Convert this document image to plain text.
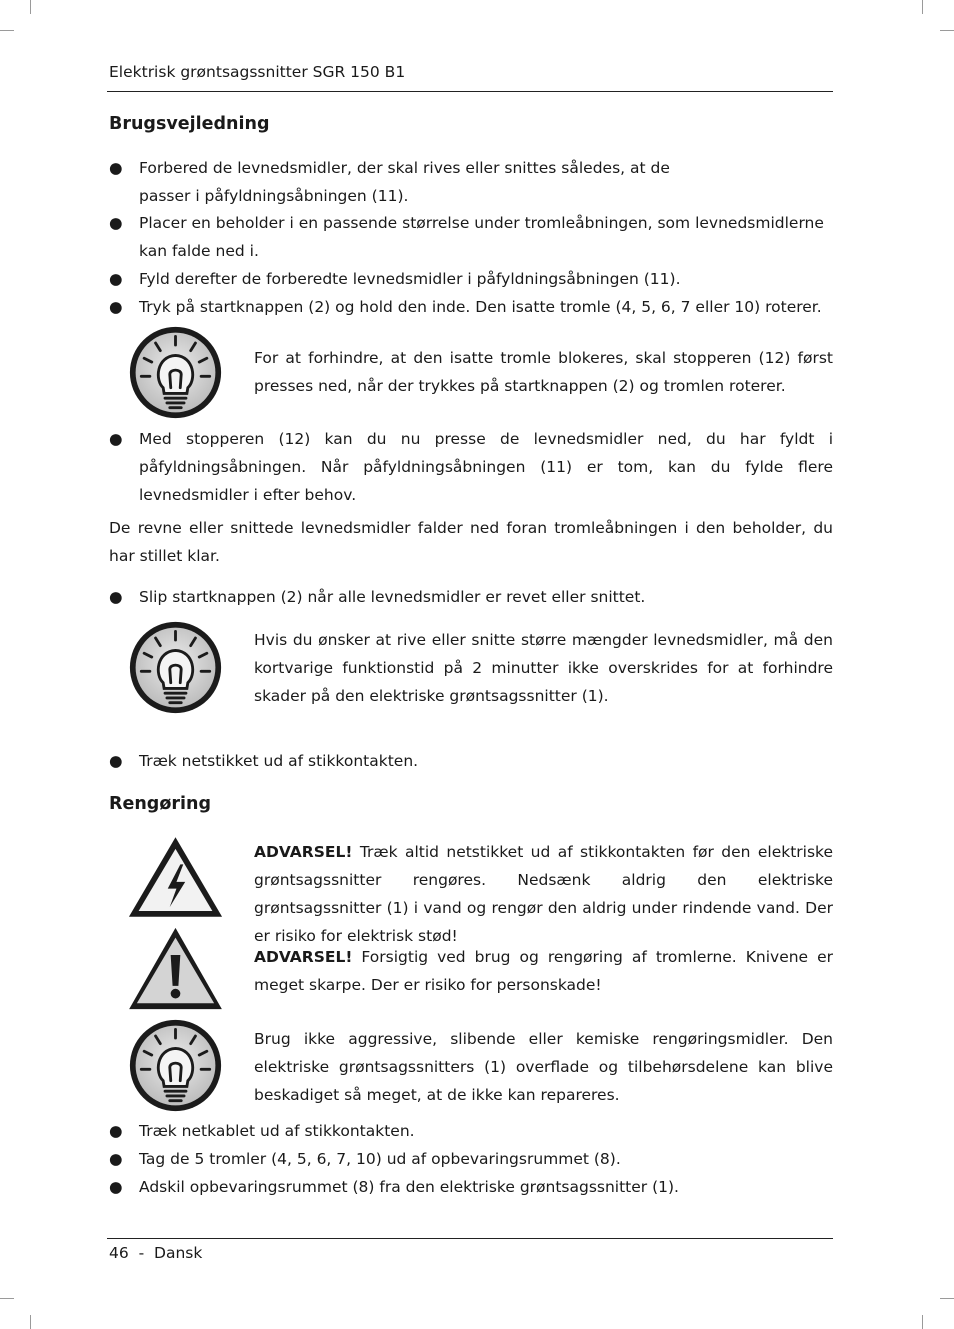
Elektrisk grøntsagssnitter SGR 150 B1
Brugsvejledning
● Forbered de levnedsmidler, der skal rives eller snittes således, at de passer i påfyldningsåbningen (11).
● Placer en beholder i en passende størrelse under tromleåbningen, som levnedsmidlerne kan falde ned i.
● Fyld derefter de forberedte levnedsmidler i påfyldningsåbningen (11).
● Tryk på startknappen (2) og hold den inde. Den isatte tromle (4, 5, 6, 7 eller 10) roterer.
For at forhindre, at den isatte tromle blokeres, skal stopperen (12) først presses ned, når der trykkes på startknappen (2) og tromlen roterer.
● Med stopperen (12) kan du nu presse de levnedsmidler ned, du har fyldt i påfyldningsåbningen. Når påfyldningsåbningen (11) er tom, kan du fylde flere levnedsmidler i efter behov.
De revne eller snittede levnedsmidler falder ned foran tromleåbningen i den beholder, du har stillet klar.
● Slip startknappen (2) når alle levnedsmidler er revet eller snittet.
Hvis du ønsker at rive eller snitte større mængder levnedsmidler, må den kortvarige funktionstid på 2 minutter ikke overskrides for at forhindre skader på den elektriske grøntsagssnitter (1).
● Træk netstikket ud af stikkontakten.
Rengøring
ADVARSEL! Træk altid netstikket ud af stikkontakten før den elektriske grøntsagssnitter rengøres. Nedsænk aldrig den elektriske grøntsagssnitter (1) i vand og rengør den aldrig under rindende vand. Der er risiko for elektrisk stød!
ADVARSEL! Forsigtig ved brug og rengøring af tromlerne. Knivene er meget skarpe. Der er risiko for personskade!
Brug ikke aggressive, slibende eller kemiske rengøringsmidler. Den elektriske grøntsagssnitters (1) overflade og tilbehørsdelene kan blive beskadiget så meget, at de ikke kan repareres.
● Træk netkablet ud af stikkontakten.
● Tag de 5 tromler (4, 5, 6, 7, 10) ud af opbevaringsrummet (8).
● Adskil opbevaringsrummet (8) fra den elektriske grøntsagssnitter (1).
46  -  Dansk
